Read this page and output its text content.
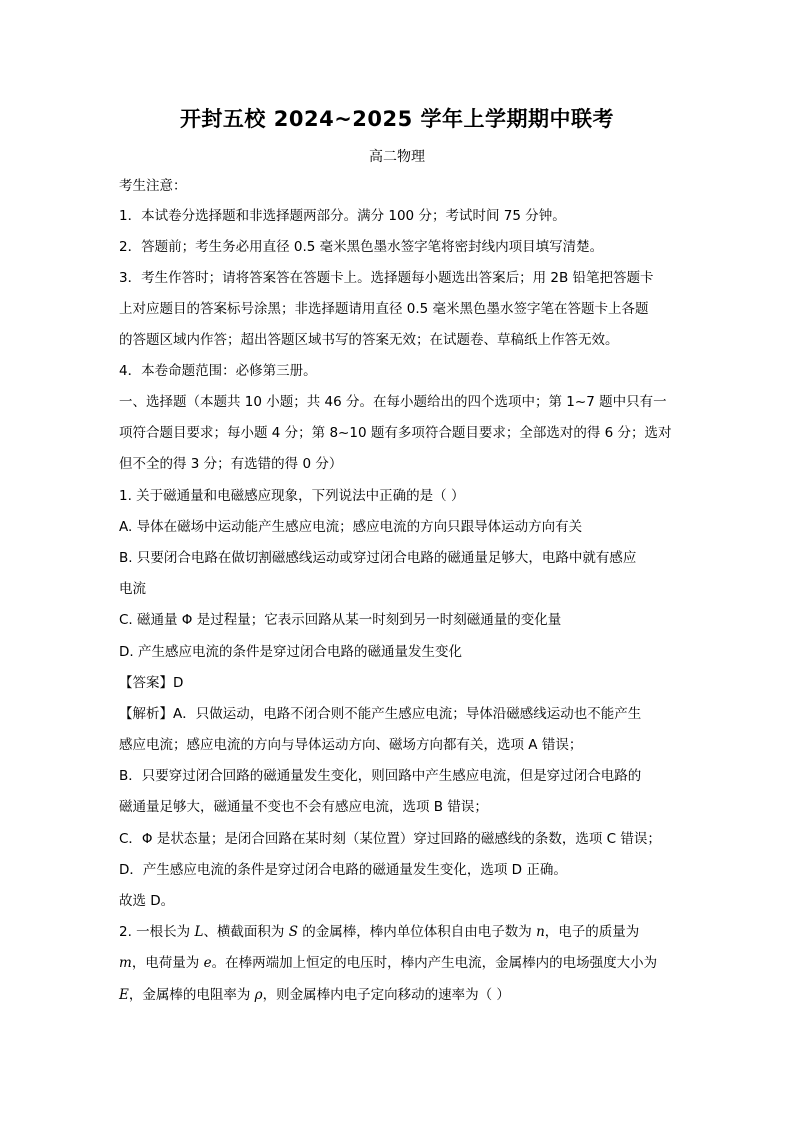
开封五校 2024~2025 学年上学期期中联考
高二物理
考生注意：
1．本试卷分选择题和非选择题两部分。满分 100 分；考试时间 75 分钟。
2．答题前；考生务必用直径 0.5 毫米黑色墨水签字笔将密封线内项目填写清楚。
3．考生作答时；请将答案答在答题卡上。选择题每小题选出答案后；用 2B 铅笔把答题卡
上对应题目的答案标号涂黑；非选择题请用直径 0.5 毫米黑色墨水签字笔在答题卡上各题
的答题区域内作答；超出答题区域书写的答案无效；在试题卷、草稿纸上作答无效。
4．本卷命题范围：必修第三册。
一、选择题（本题共 10 小题；共 46 分。在每小题给出的四个选项中；第 1~7 题中只有一
项符合题目要求；每小题 4 分；第 8~10 题有多项符合题目要求；全部选对的得 6 分；选对
但不全的得 3 分；有选错的得 0 分）
1. 关于磁通量和电磁感应现象，下列说法中正确的是（ ）
A. 导体在磁场中运动能产生感应电流；感应电流的方向只跟导体运动方向有关
B. 只要闭合电路在做切割磁感线运动或穿过闭合电路的磁通量足够大，电路中就有感应
电流
C. 磁通量 Φ 是过程量；它表示回路从某一时刻到另一时刻磁通量的变化量
D. 产生感应电流的条件是穿过闭合电路的磁通量发生变化
【答案】D
【解析】A．只做运动，电路不闭合则不能产生感应电流；导体沿磁感线运动也不能产生
感应电流；感应电流的方向与导体运动方向、磁场方向都有关，选项 A 错误；
B．只要穿过闭合回路的磁通量发生变化，则回路中产生感应电流，但是穿过闭合电路的
磁通量足够大，磁通量不变也不会有感应电流，选项 B 错误；
C．Φ 是状态量；是闭合回路在某时刻（某位置）穿过回路的磁感线的条数，选项 C 错误；
D．产生感应电流的条件是穿过闭合电路的磁通量发生变化，选项 D 正确。
故选 D。
2. 一根长为 L、横截面积为 S 的金属棒，棒内单位体积自由电子数为 n，电子的质量为
m，电荷量为 e。在棒两端加上恒定的电压时，棒内产生电流，金属棒内的电场强度大小为
E，金属棒的电阻率为 ρ，则金属棒内电子定向移动的速率为（ ）
